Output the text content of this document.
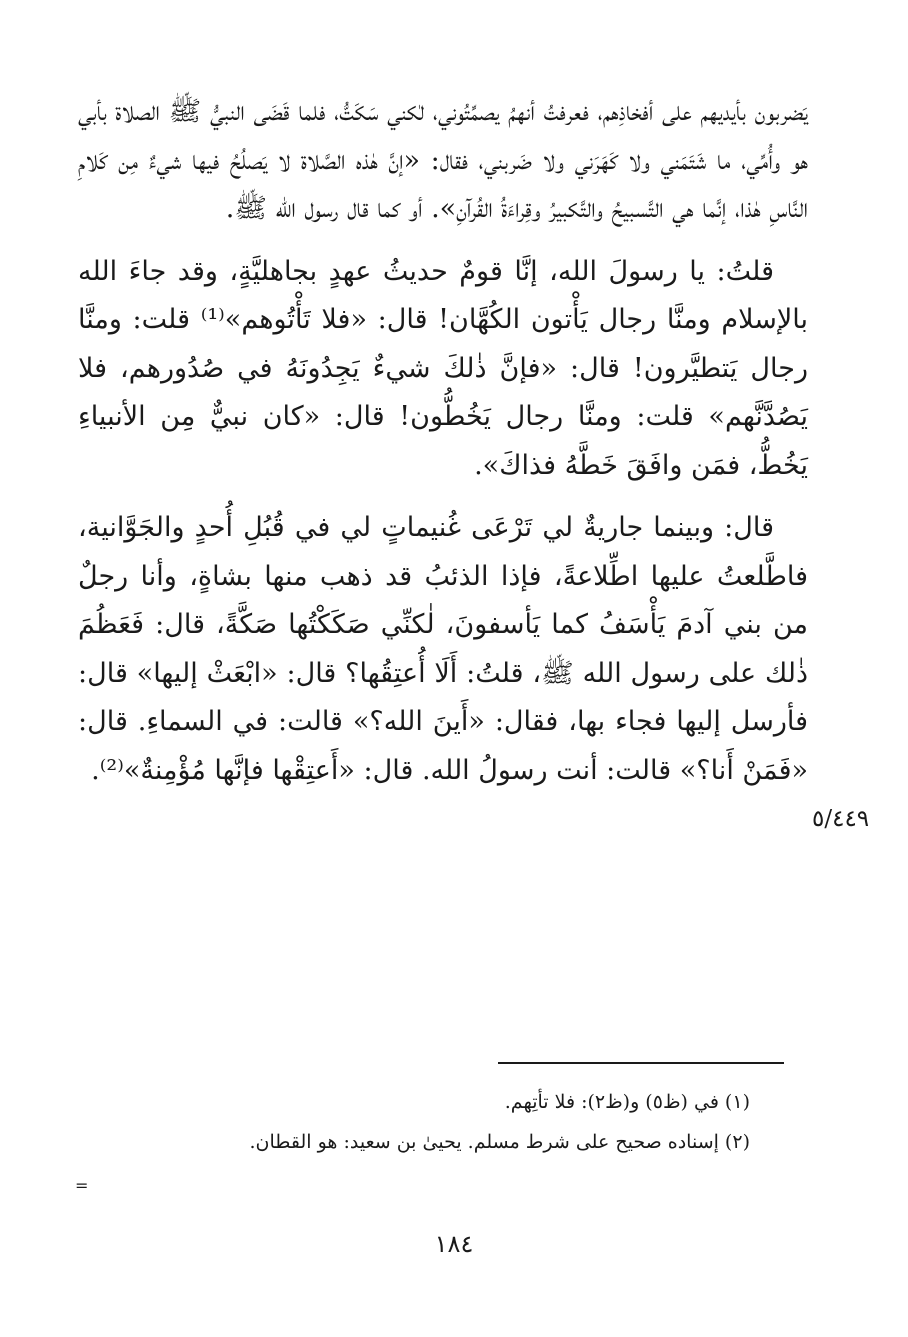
يَضربون بأيديهم على أفخاذِهم، فعرفتُ أنهمُ يصمِّتُوني، لٰكني سَكَتُّ، فلما قَضَى النبيُّ ﷺ الصلاة بأبي هو وأُمِّي، ما شَتَمَني ولا كَهَرَني ولا ضَربني، فقال: «إنَّ هٰذه الصَّلاة لا يَصلُحُ فيها شيءٌ مِن كَلامِ النَّاسِ هٰذا، إنَّما هي التَّسبيحُ والتَّكبيرُ وقِراءَةُ القُرآنِ». أو كما قال رسول الله ﷺ.

قلتُ: يا رسولَ الله، إنَّا قومٌ حديثُ عهدٍ بجاهليَّةٍ، وقد جاءَ الله بالإسلام ومنَّا رجال يَأْتون الكُهَّان! قال: «فلا تَأْتُوهم»⁽¹⁾ قلت: ومنَّا رجال يَتطيَّرون! قال: «فإنَّ ذٰلكَ شيءٌ يَجِدُونَهُ في صُدُورهم، فلا يَصُدَّنَّهم» قلت: ومنَّا رجال يَخُطُّون! قال: «كان نبيٌّ مِن الأنبياءِ يَخُطُّ، فمَن وافَقَ خَطَّهُ فذاكَ».

قال: وبينما جاريةٌ لي تَرْعَى غُنيماتٍ لي في قُبُلِ أُحدٍ والجَوَّانية، فاطَّلعتُ عليها اطِّلاعةً، فإذا الذئبُ قد ذهب منها بشاةٍ، وأنا رجلٌ من بني آدمَ يَأْسَفُ كما يَأسفونَ، لٰكنِّي صَكَكْتُها صَكَّةً، قال: فَعَظُمَ ذٰلك على رسول الله ﷺ، قلتُ: أَلَا أُعتِقُها؟ قال: «ابْعَثْ إليها» قال: فأرسل إليها فجاء بها، فقال: «أَينَ الله؟» قالت: في السماءِ. قال: «فَمَنْ أَنا؟» قالت: أنت رسولُ الله. قال: «أَعتِقْها فإنَّها مُؤْمِنةٌ»⁽²⁾.

٥/٤٤٩

(١) في (ظ٥) و(ظ٢): فلا تأتِهم.

(٢) إسناده صحيح على شرط مسلم. يحيىٰ بن سعيد: هو القطان.

=
١٨٤
